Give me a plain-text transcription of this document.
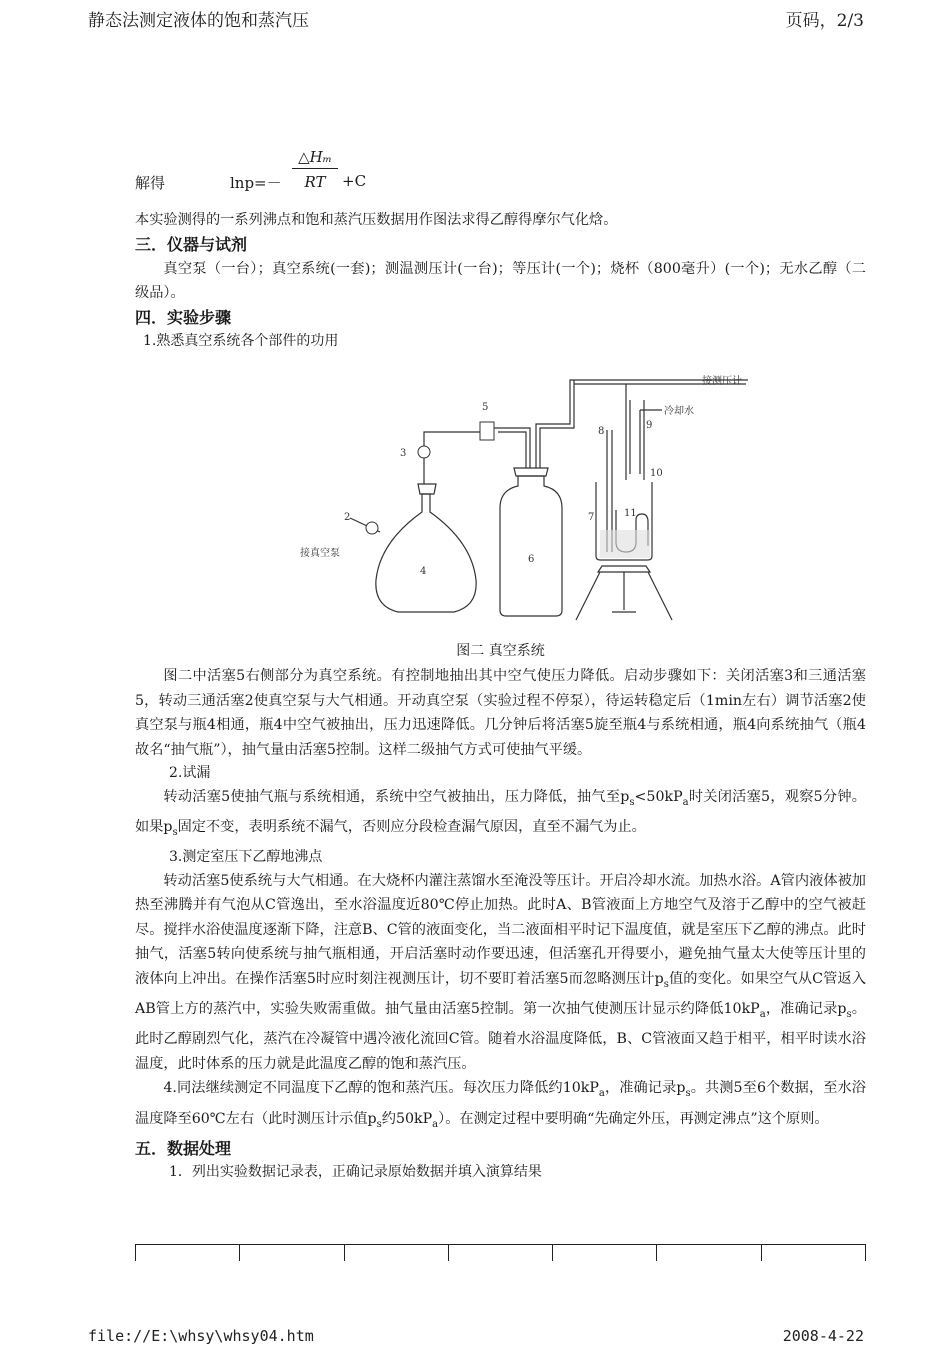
静态法测定液体的饱和蒸汽压	页码，2/3
解得	lnp=－
△Hₘ
RT	+C
本实验测得的一系列沸点和饱和蒸汽压数据用作图法求得乙醇得摩尔气化焓。
三．仪器与试剂
真空泵（一台）；真空系统(一套)；测温测压计(一台)；等压计(一个)；烧杯（800毫升）(一个)；无水乙醇（二级品）。
四．实验步骤
1.熟悉真空系统各个部件的功用
接测压计
冷却水
接真空泵
2
3
4
5
6
7
8
9
10
11
图二 真空系统
图二中活塞5右侧部分为真空系统。有控制地抽出其中空气使压力降低。启动步骤如下：关闭活塞3和三通活塞5，转动三通活塞2使真空泵与大气相通。开动真空泵（实验过程不停泵），待运转稳定后（1min左右）调节活塞2使真空泵与瓶4相通，瓶4中空气被抽出，压力迅速降低。几分钟后将活塞5旋至瓶4与系统相通，瓶4向系统抽气（瓶4故名“抽气瓶”），抽气量由活塞5控制。这样二级抽气方式可使抽气平缓。
2.试漏
转动活塞5使抽气瓶与系统相通，系统中空气被抽出，压力降低，抽气至$p_s<50kP_a$时关闭活塞5，观察5分钟。如果$p_s$固定不变，表明系统不漏气，否则应分段检查漏气原因，直至不漏气为止。
3.测定室压下乙醇地沸点
转动活塞5使系统与大气相通。在大烧杯内灌注蒸馏水至淹没等压计。开启冷却水流。加热水浴。A管内液体被加热至沸腾并有气泡从C管逸出，至水浴温度近80℃停止加热。此时A、B管液面上方地空气及溶于乙醇中的空气被赶尽。搅拌水浴使温度逐渐下降，注意B、C管的液面变化，当二液面相平时记下温度值，就是室压下乙醇的沸点。此时抽气，活塞5转向使系统与抽气瓶相通，开启活塞时动作要迅速，但活塞孔开得要小，避免抽气量太大使等压计里的液体向上冲出。在操作活塞5时应时刻注视测压计，切不要盯着活塞5而忽略测压计$p_s$值的变化。如果空气从C管返入AB管上方的蒸汽中，实验失败需重做。抽气量由活塞5控制。第一次抽气使测压计显示约降低$10kP_a$，准确记录$p_s$。此时乙醇剧烈气化，蒸汽在冷凝管中遇冷液化流回C管。随着水浴温度降低，B、C管液面又趋于相平，相平时读水浴温度，此时体系的压力就是此温度乙醇的饱和蒸汽压。
4.同法继续测定不同温度下乙醇的饱和蒸汽压。每次压力降低约$10kP_a$，准确记录$p_s$。共测5至6个数据，至水浴温度降至60℃左右（此时测压计示值$p_s$约$50kP_a$）。在测定过程中要明确“先确定外压，再测定沸点”这个原则。
五．数据处理
1．列出实验数据记录表，正确记录原始数据并填入演算结果
file://E:\whsy\whsy04.htm	2008-4-22
